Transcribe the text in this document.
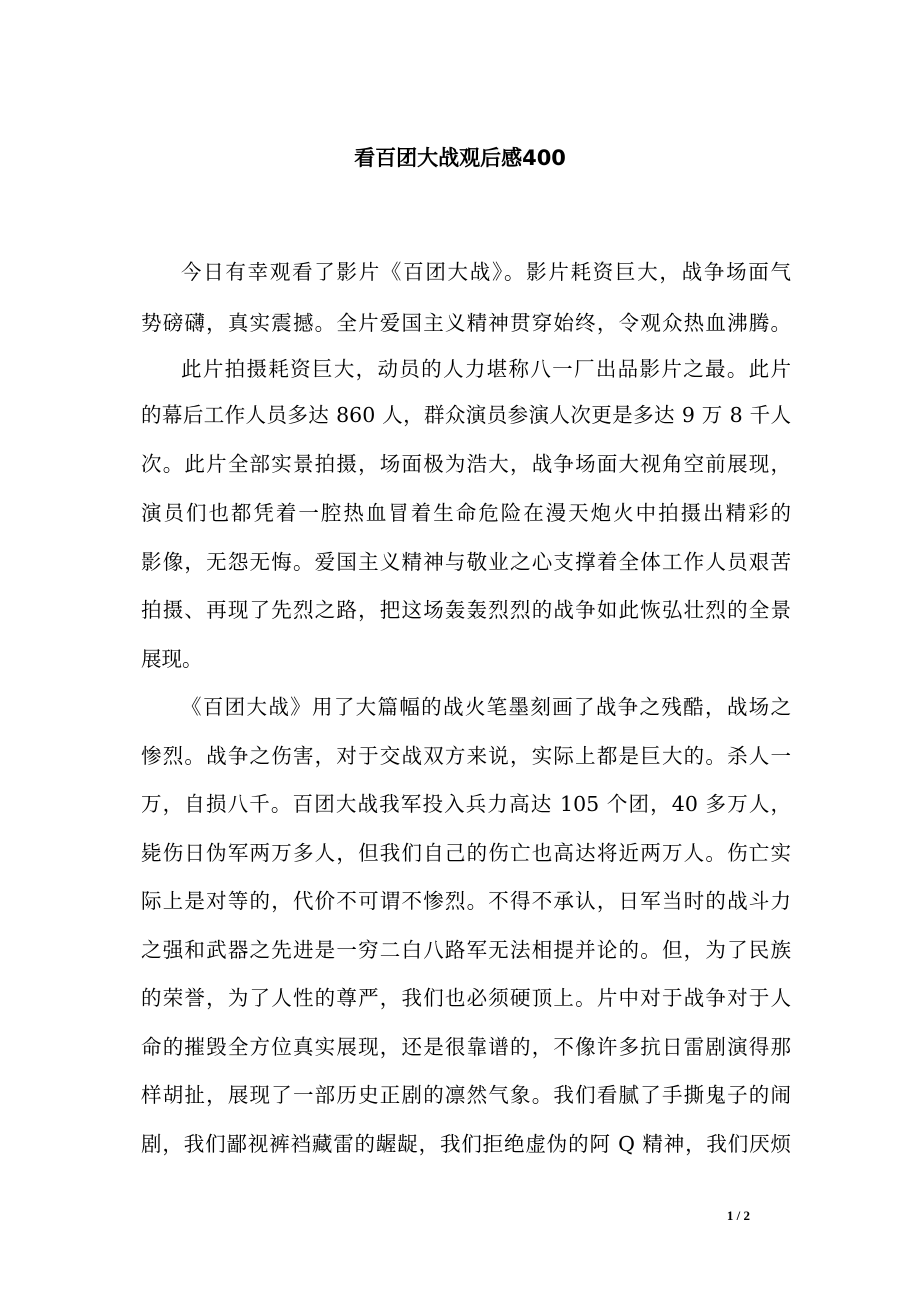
看百团大战观后感400
今日有幸观看了影片《百团大战》。影片耗资巨大，战争场面气
势磅礴，真实震撼。全片爱国主义精神贯穿始终，令观众热血沸腾。
此片拍摄耗资巨大，动员的人力堪称八一厂出品影片之最。此片
的幕后工作人员多达 860 人，群众演员参演人次更是多达 9 万 8 千人
次。此片全部实景拍摄，场面极为浩大，战争场面大视角空前展现，
演员们也都凭着一腔热血冒着生命危险在漫天炮火中拍摄出精彩的
影像，无怨无悔。爱国主义精神与敬业之心支撑着全体工作人员艰苦
拍摄、再现了先烈之路，把这场轰轰烈烈的战争如此恢弘壮烈的全景
展现。
《百团大战》用了大篇幅的战火笔墨刻画了战争之残酷，战场之
惨烈。战争之伤害，对于交战双方来说，实际上都是巨大的。杀人一
万，自损八千。百团大战我军投入兵力高达 105 个团，40 多万人，
毙伤日伪军两万多人，但我们自己的伤亡也高达将近两万人。伤亡实
际上是对等的，代价不可谓不惨烈。不得不承认，日军当时的战斗力
之强和武器之先进是一穷二白八路军无法相提并论的。但，为了民族
的荣誉，为了人性的尊严，我们也必须硬顶上。片中对于战争对于人
命的摧毁全方位真实展现，还是很靠谱的，不像许多抗日雷剧演得那
样胡扯，展现了一部历史正剧的凛然气象。我们看腻了手撕鬼子的闹
剧，我们鄙视裤裆藏雷的龌龊，我们拒绝虚伪的阿 Q 精神，我们厌烦
1 / 2
